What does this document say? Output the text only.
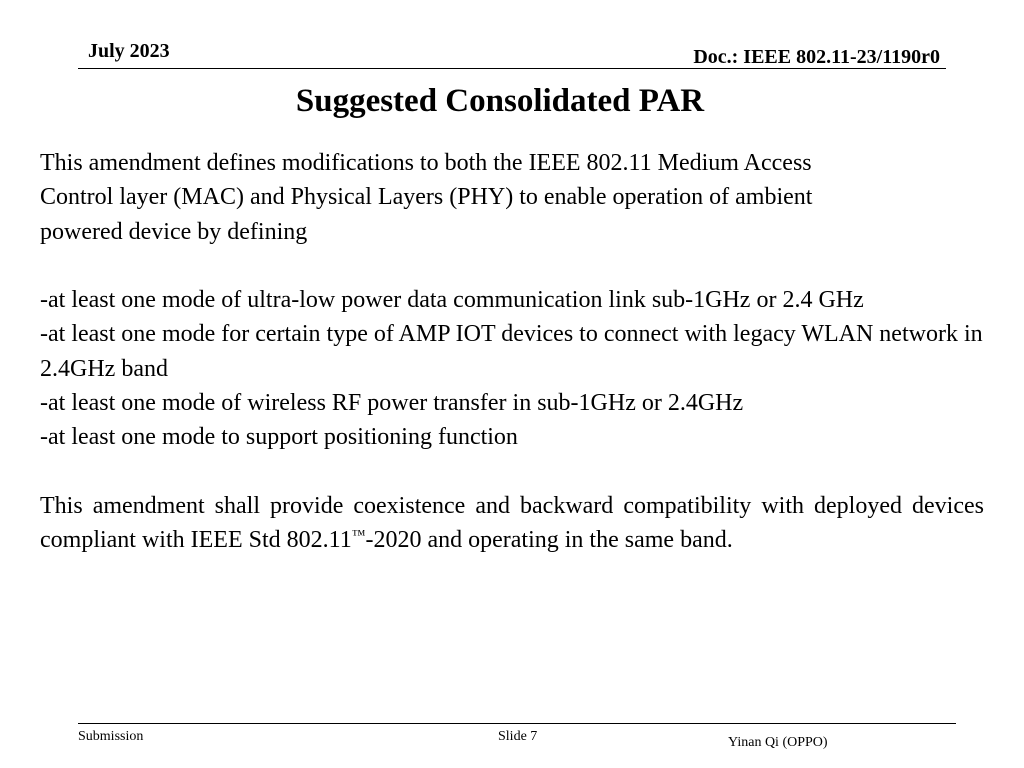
July 2023	Doc.: IEEE 802.11-23/1190r0
Suggested Consolidated PAR

This amendment defines modifications to both the IEEE 802.11 Medium Access

Control layer (MAC) and Physical Layers (PHY) to enable operation of ambient

powered device by defining

-at least one mode of ultra-low power data communication link sub-1GHz or 2.4 GHz

-at least one mode for certain type of AMP IOT devices to connect with legacy WLAN network in 2.4GHz band

-at least one mode of wireless RF power transfer in sub-1GHz or 2.4GHz

-at least one mode to support positioning function

This amendment shall provide coexistence and backward compatibility with deployed devices compliant with IEEE Std 802.11™-2020 and operating in the same band.

Submission	Slide 7	Yinan Qi (OPPO)
